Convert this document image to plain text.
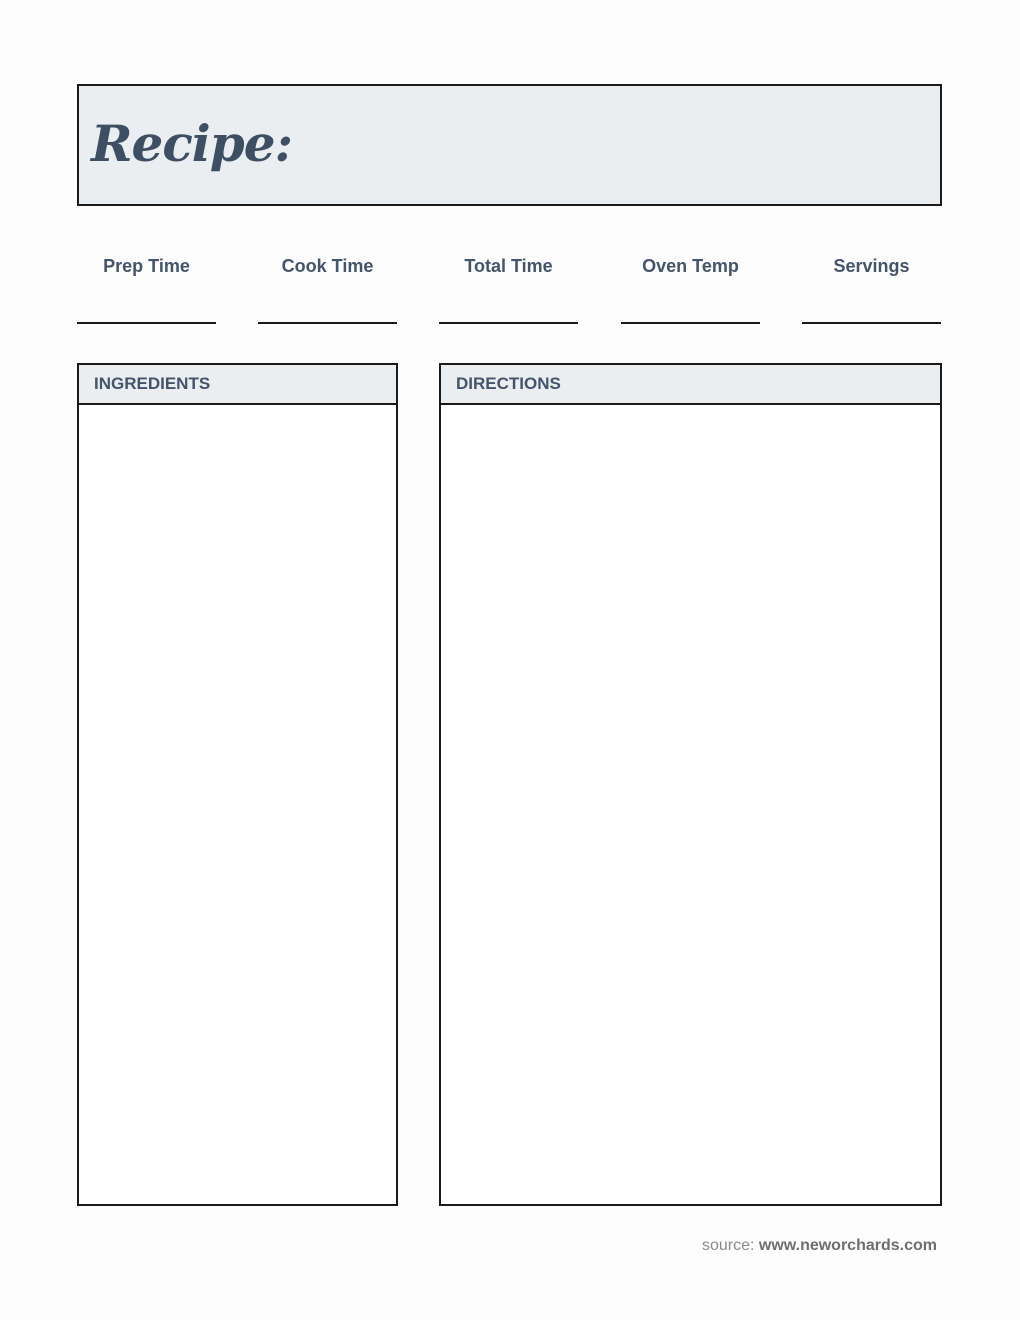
Recipe:
Prep Time	Cook Time	Total Time	Oven Temp	Servings
INGREDIENTS	DIRECTIONS
source: www.neworchards.com
